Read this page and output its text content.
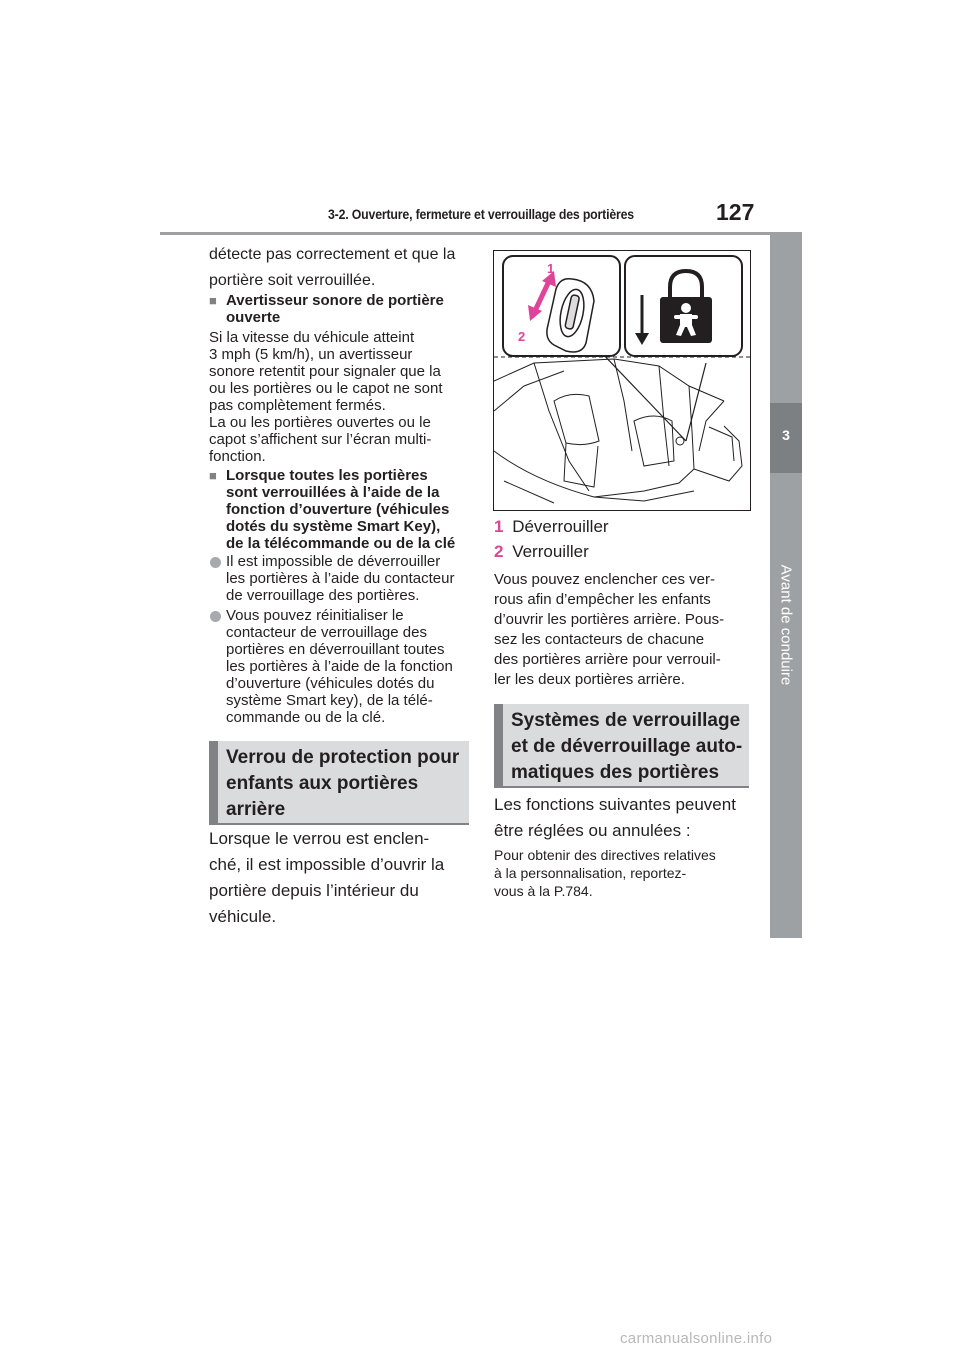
3-2. Ouverture, fermeture et verrouillage des portières	127
3
Avant de conduire
détecte pas correctement et que la
portière soit verrouillée.
■ Avertisseur sonore de portière
ouverte
Si la vitesse du véhicule atteint
3 mph (5 km/h), un avertisseur
sonore retentit pour signaler que la
ou les portières ou le capot ne sont
pas complètement fermés.
La ou les portières ouvertes ou le
capot s’affichent sur l’écran multi-
fonction.
■ Lorsque toutes les portières
sont verrouillées à l’aide de la
fonction d’ouverture (véhicules
dotés du système Smart Key),
de la télécommande ou de la clé
Il est impossible de déverrouiller
les portières à l’aide du contacteur
de verrouillage des portières.
Vous pouvez réinitialiser le
contacteur de verrouillage des
portières en déverrouillant toutes
les portières à l’aide de la fonction
d’ouverture (véhicules dotés du
système Smart key), de la télé-
commande ou de la clé.
Verrou de protection pour
enfants aux portières
arrière
Lorsque le verrou est enclen-
ché, il est impossible d’ouvrir la
portière depuis l’intérieur du
véhicule.
1
2
1 Déverrouiller
2 Verrouiller
Vous pouvez enclencher ces ver-
rous afin d’empêcher les enfants
d’ouvrir les portières arrière. Pous-
sez les contacteurs de chacune
des portières arrière pour verrouil-
ler les deux portières arrière.
Systèmes de verrouillage
et de déverrouillage auto-
matiques des portières
Les fonctions suivantes peuvent
être réglées ou annulées :
Pour obtenir des directives relatives
à la personnalisation, reportez-
vous à la P.784.
carmanualsonline.info
